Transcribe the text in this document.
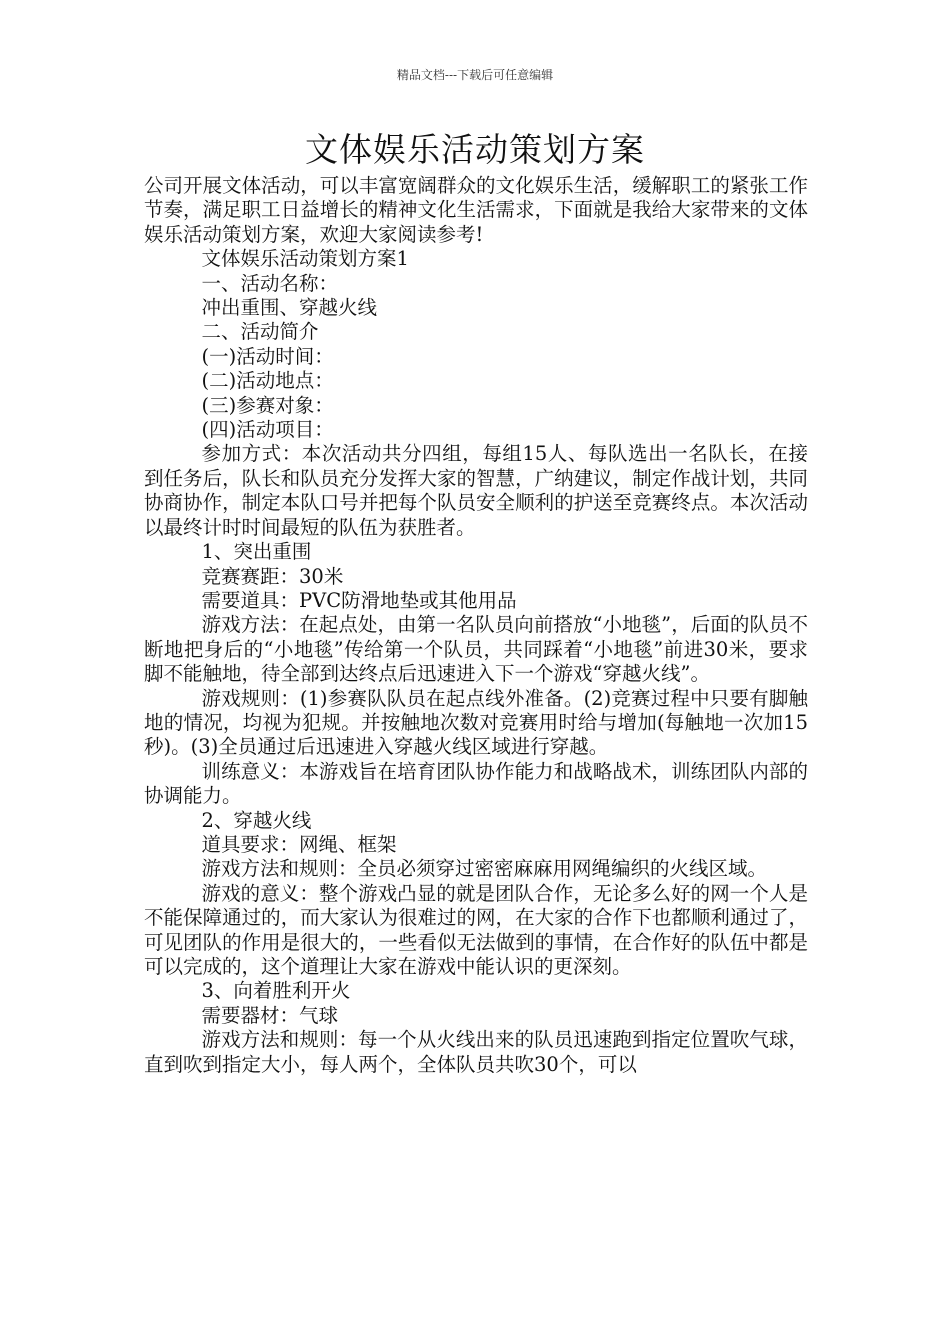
精品文档---下载后可任意编辑
文体娱乐活动策划方案

公司开展文体活动，可以丰富宽阔群众的文化娱乐生活，缓解职工的紧张工作节奏，满足职工日益增长的精神文化生活需求，下面就是我给大家带来的文体娱乐活动策划方案，欢迎大家阅读参考!

文体娱乐活动策划方案1

一、活动名称：

冲出重围、穿越火线

二、活动简介

(一)活动时间：

(二)活动地点：

(三)参赛对象：

(四)活动项目：

参加方式：本次活动共分四组，每组15人、每队选出一名队长，在接到任务后，队长和队员充分发挥大家的智慧，广纳建议，制定作战计划，共同协商协作，制定本队口号并把每个队员安全顺利的护送至竞赛终点。本次活动以最终计时时间最短的队伍为获胜者。

1、突出重围

竞赛赛距：30米

需要道具：PVC防滑地垫或其他用品

游戏方法：在起点处，由第一名队员向前搭放“小地毯”，后面的队员不断地把身后的“小地毯”传给第一个队员，共同踩着“小地毯”前进30米，要求脚不能触地，待全部到达终点后迅速进入下一个游戏“穿越火线”。

游戏规则：(1)参赛队队员在起点线外准备。(2)竞赛过程中只要有脚触地的情况，均视为犯规。并按触地次数对竞赛用时给与增加(每触地一次加15秒)。(3)全员通过后迅速进入穿越火线区域进行穿越。

训练意义：本游戏旨在培育团队协作能力和战略战术，训练团队内部的协调能力。

2、穿越火线

道具要求：网绳、框架

游戏方法和规则：全员必须穿过密密麻麻用网绳编织的火线区域。

游戏的意义：整个游戏凸显的就是团队合作，无论多么好的网一个人是不能保障通过的，而大家认为很难过的网，在大家的合作下也都顺利通过了，可见团队的作用是很大的，一些看似无法做到的事情，在合作好的队伍中都是可以完成的，这个道理让大家在游戏中能认识的更深刻。

3、向着胜利开火

需要器材：气球

游戏方法和规则：每一个从火线出来的队员迅速跑到指定位置吹气球，直到吹到指定大小，每人两个，全体队员共吹30个，可以
